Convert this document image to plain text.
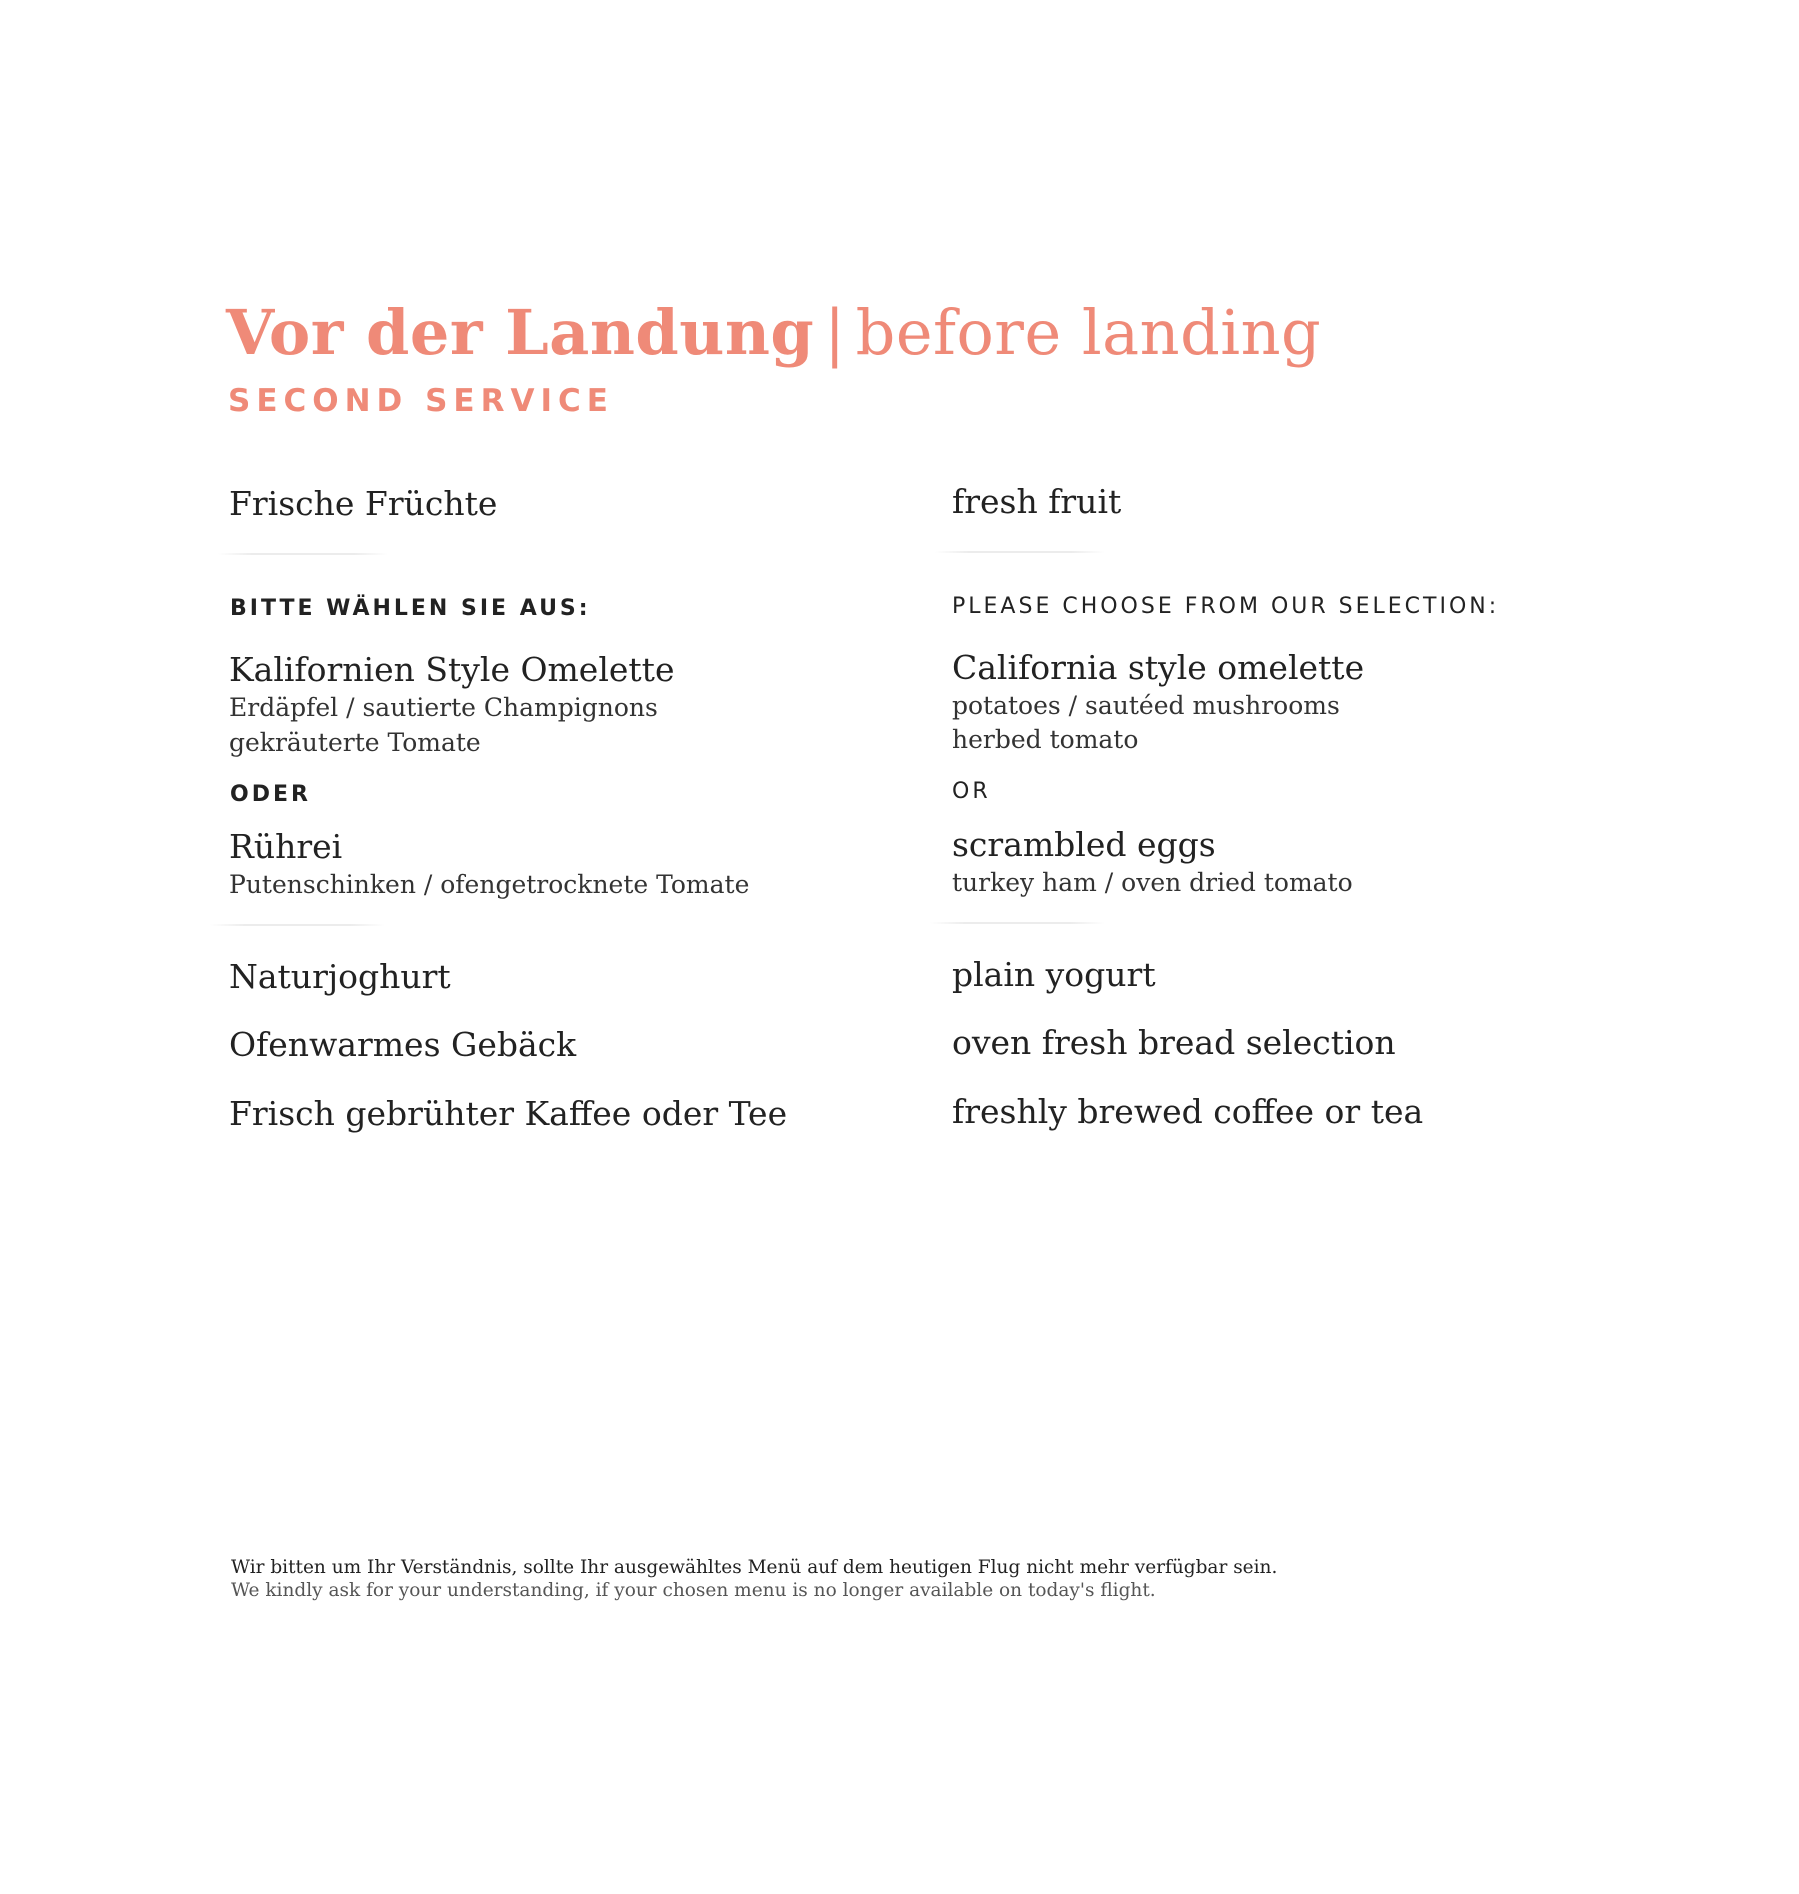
Vor der Landung | before landing
SECOND SERVICE
Frische Früchte
BITTE WÄHLEN SIE AUS:
Kalifornien Style Omelette
Erdäpfel / sautierte Champignons
gekräuterte Tomate
ODER
Rührei
Putenschinken / ofengetrocknete Tomate
Naturjoghurt
Ofenwarmes Gebäck
Frisch gebrühter Kaffee oder Tee
fresh fruit
PLEASE CHOOSE FROM OUR SELECTION:
California style omelette
potatoes / sautéed mushrooms
herbed tomato
OR
scrambled eggs
turkey ham / oven dried tomato
plain yogurt
oven fresh bread selection
freshly brewed coffee or tea
Wir bitten um Ihr Verständnis, sollte Ihr ausgewähltes Menü auf dem heutigen Flug nicht mehr verfügbar sein.
We kindly ask for your understanding, if your chosen menu is no longer available on today's flight.
